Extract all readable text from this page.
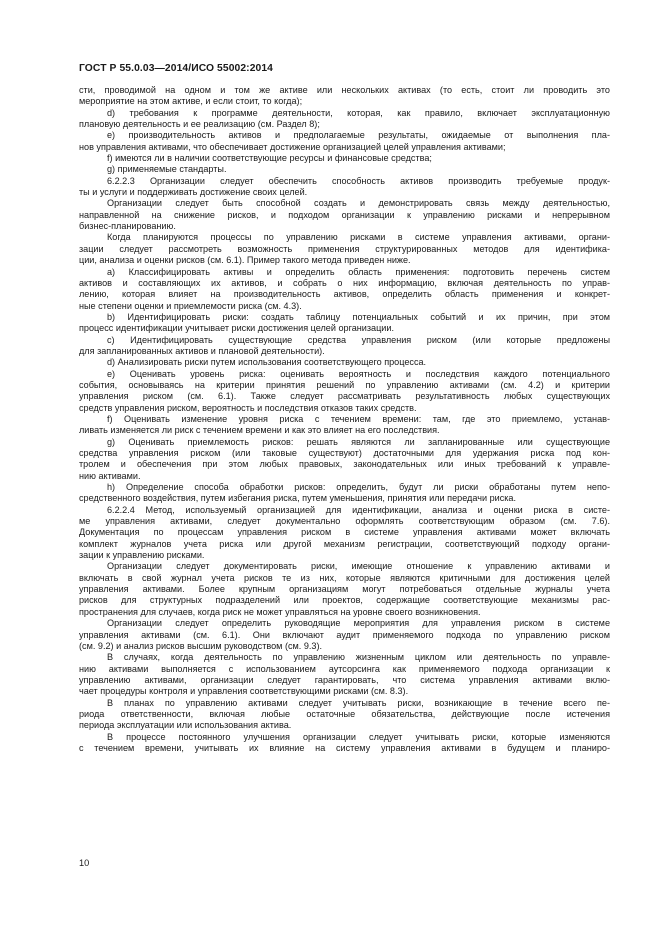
ГОСТ Р 55.0.03—2014/ИСО 55002:2014
сти, проводимой на одном и том же активе или нескольких активах (то есть, стоит ли проводить это
мероприятие на этом активе, и если стоит, то когда);
d) требования к программе деятельности, которая, как правило, включает эксплуатационную
плановую деятельность и ее реализацию (см. Раздел 8);
e) производительность активов и предполагаемые результаты, ожидаемые от выполнения пла-
нов управления активами, что обеспечивает достижение организацией целей управления активами;
f) имеются ли в наличии соответствующие ресурсы и финансовые средства;
g) применяемые стандарты.
6.2.2.3 Организации следует обеспечить способность активов производить требуемые продук-
ты и услуги и поддерживать достижение своих целей.
Организации следует быть способной создать и демонстрировать связь между деятельностью,
направленной на снижение рисков, и подходом организации к управлению рисками и непрерывном
бизнес-планированию.
Когда планируются процессы по управлению рисками в системе управления активами, органи-
зации следует рассмотреть возможность применения структурированных методов для идентифика-
ции, анализа и оценки рисков (см. 6.1). Пример такого метода приведен ниже.
a) Классифицировать активы и определить область применения: подготовить перечень систем
активов и составляющих их активов, и собрать о них информацию, включая деятельность по управ-
лению, которая влияет на производительность активов, определить область применения и конкрет-
ные степени оценки и приемлемости риска (см. 4.3).
b) Идентифицировать риски: создать таблицу потенциальных событий и их причин, при этом
процесс идентификации учитывает риски достижения целей организации.
c) Идентифицировать существующие средства управления риском (или которые предложены
для запланированных активов и плановой деятельности).
d) Анализировать риски путем использования соответствующего процесса.
e) Оценивать уровень риска: оценивать вероятность и последствия каждого потенциального
события, основываясь на критерии принятия решений по управлению активами (см. 4.2) и критерии
управления риском (см. 6.1). Также следует рассматривать результативность любых существующих
средств управления риском, вероятность и последствия отказов таких средств.
f) Оценивать изменение уровня риска с течением времени: там, где это приемлемо, устанав-
ливать изменяется ли риск с течением времени и как это влияет на его последствия.
g) Оценивать приемлемость рисков: решать являются ли запланированные или существующие
средства управления риском (или таковые существуют) достаточными для удержания риска под кон-
тролем и обеспечения при этом любых правовых, законодательных или иных требований к управле-
нию активами.
h) Определение способа обработки рисков: определить, будут ли риски обработаны путем непо-
средственного воздействия, путем избегания риска, путем уменьшения, принятия или передачи риска.
6.2.2.4 Метод, используемый организацией для идентификации, анализа и оценки риска в систе-
ме управления активами, следует документально оформлять соответствующим образом (см. 7.6).
Документация по процессам управления риском в системе управления активами может включать
комплект журналов учета риска или другой механизм регистрации, соответствующий подходу органи-
зации к управлению рисками.
Организации следует документировать риски, имеющие отношение к управлению активами и
включать в свой журнал учета рисков те из них, которые являются критичными для достижения целей
управления активами. Более крупным организациям могут потребоваться отдельные журналы учета
рисков для структурных подразделений или проектов, содержащие соответствующие механизмы рас-
пространения для случаев, когда риск не может управляться на уровне своего возникновения.
Организации следует определить руководящие мероприятия для управления риском в системе
управления активами (см. 6.1). Они включают аудит применяемого подхода по управлению риском
(см. 9.2) и анализ рисков высшим руководством (см. 9.3).
В случаях, когда деятельность по управлению жизненным циклом или деятельность по управле-
нию активами выполняется с использованием аутсорсинга как применяемого подхода организации к
управлению активами, организации следует гарантировать, что система управления активами вклю-
чает процедуры контроля и управления соответствующими рисками (см. 8.3).
В планах по управлению активами следует учитывать риски, возникающие в течение всего пе-
риода ответственности, включая любые остаточные обязательства, действующие после истечения
периода эксплуатации или использования актива.
В процессе постоянного улучшения организации следует учитывать риски, которые изменяются
с течением времени, учитывать их влияние на систему управления активами в будущем и планиро-
10
